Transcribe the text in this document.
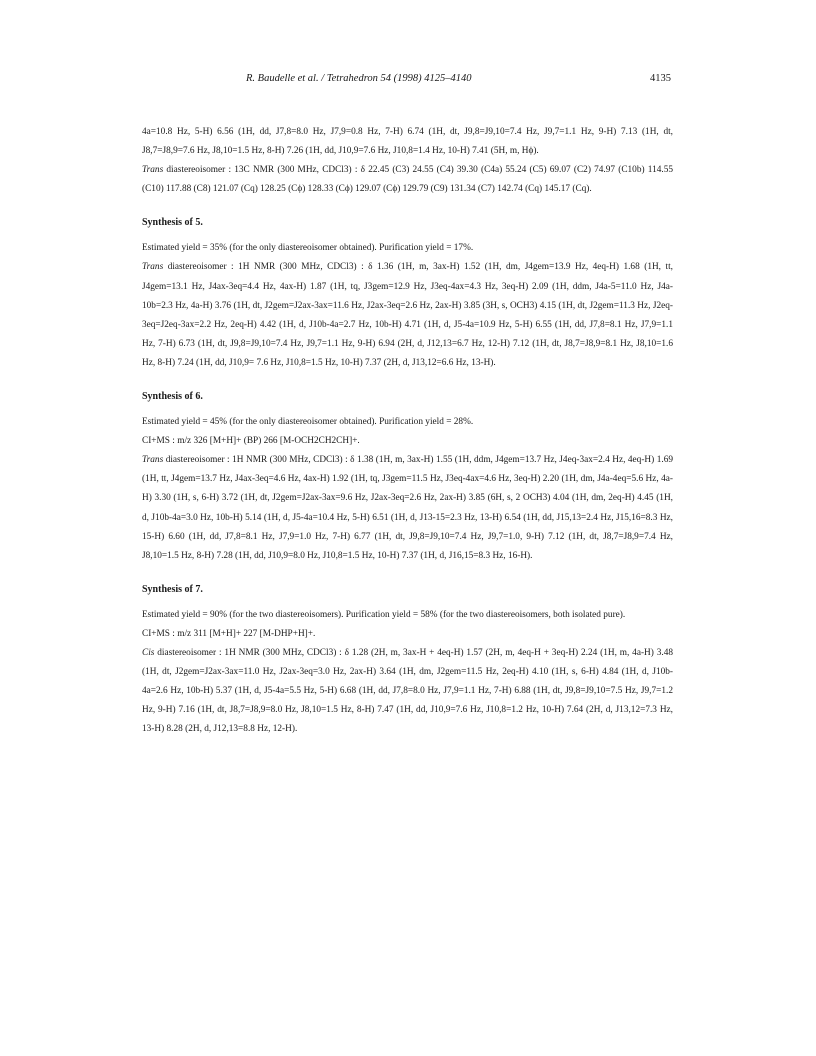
R. Baudelle et al. / Tetrahedron 54 (1998) 4125–4140	4135

4a=10.8 Hz, 5-H) 6.56 (1H, dd, J7,8=8.0 Hz, J7,9=0.8 Hz, 7-H) 6.74 (1H, dt, J9,8=J9,10=7.4 Hz, J9,7=1.1 Hz, 9-H) 7.13 (1H, dt, J8,7=J8,9=7.6 Hz, J8,10=1.5 Hz, 8-H) 7.26 (1H, dd, J10,9=7.6 Hz, J10,8=1.4 Hz, 10-H) 7.41 (5H, m, Hϕ).

Trans diastereoisomer : 13C NMR (300 MHz, CDCl3) : δ 22.45 (C3) 24.55 (C4) 39.30 (C4a) 55.24 (C5) 69.07 (C2) 74.97 (C10b) 114.55 (C10) 117.88 (C8) 121.07 (Cq) 128.25 (Cϕ) 128.33 (Cϕ) 129.07 (Cϕ) 129.79 (C9) 131.34 (C7) 142.74 (Cq) 145.17 (Cq).

Synthesis of 5.

Estimated yield = 35% (for the only diastereoisomer obtained). Purification yield = 17%.

Trans diastereoisomer : 1H NMR (300 MHz, CDCl3) : δ 1.36 (1H, m, 3ax-H) 1.52 (1H, dm, J4gem=13.9 Hz, 4eq-H) 1.68 (1H, tt, J4gem=13.1 Hz, J4ax-3eq=4.4 Hz, 4ax-H) 1.87 (1H, tq, J3gem=12.9 Hz, J3eq-4ax=4.3 Hz, 3eq-H) 2.09 (1H, ddm, J4a-5=11.0 Hz, J4a-10b=2.3 Hz, 4a-H) 3.76 (1H, dt, J2gem=J2ax-3ax=11.6 Hz, J2ax-3eq=2.6 Hz, 2ax-H) 3.85 (3H, s, OCH3) 4.15 (1H, dt, J2gem=11.3 Hz, J2eq-3eq=J2eq-3ax=2.2 Hz, 2eq-H) 4.42 (1H, d, J10b-4a=2.7 Hz, 10b-H) 4.71 (1H, d, J5-4a=10.9 Hz, 5-H) 6.55 (1H, dd, J7,8=8.1 Hz, J7,9=1.1 Hz, 7-H) 6.73 (1H, dt, J9,8=J9,10=7.4 Hz, J9,7=1.1 Hz, 9-H) 6.94 (2H, d, J12,13=6.7 Hz, 12-H) 7.12 (1H, dt, J8,7=J8,9=8.1 Hz, J8,10=1.6 Hz, 8-H) 7.24 (1H, dd, J10,9= 7.6 Hz, J10,8=1.5 Hz, 10-H) 7.37 (2H, d, J13,12=6.6 Hz, 13-H).

Synthesis of 6.

Estimated yield = 45% (for the only diastereoisomer obtained). Purification yield = 28%.

CI+MS : m/z 326 [M+H]+ (BP) 266 [M-OCH2CH2CH]+.

Trans diastereoisomer : 1H NMR (300 MHz, CDCl3) : δ 1.38 (1H, m, 3ax-H) 1.55 (1H, ddm, J4gem=13.7 Hz, J4eq-3ax=2.4 Hz, 4eq-H) 1.69 (1H, tt, J4gem=13.7 Hz, J4ax-3eq=4.6 Hz, 4ax-H) 1.92 (1H, tq, J3gem=11.5 Hz, J3eq-4ax=4.6 Hz, 3eq-H) 2.20 (1H, dm, J4a-4eq=5.6 Hz, 4a-H) 3.30 (1H, s, 6-H) 3.72 (1H, dt, J2gem=J2ax-3ax=9.6 Hz, J2ax-3eq=2.6 Hz, 2ax-H) 3.85 (6H, s, 2 OCH3) 4.04 (1H, dm, 2eq-H) 4.45 (1H, d, J10b-4a=3.0 Hz, 10b-H) 5.14 (1H, d, J5-4a=10.4 Hz, 5-H) 6.51 (1H, d, J13-15=2.3 Hz, 13-H) 6.54 (1H, dd, J15,13=2.4 Hz, J15,16=8.3 Hz, 15-H) 6.60 (1H, dd, J7,8=8.1 Hz, J7,9=1.0 Hz, 7-H) 6.77 (1H, dt, J9,8=J9,10=7.4 Hz, J9,7=1.0, 9-H) 7.12 (1H, dt, J8,7=J8,9=7.4 Hz, J8,10=1.5 Hz, 8-H) 7.28 (1H, dd, J10,9=8.0 Hz, J10,8=1.5 Hz, 10-H) 7.37 (1H, d, J16,15=8.3 Hz, 16-H).

Synthesis of 7.

Estimated yield = 90% (for the two diastereoisomers). Purification yield = 58% (for the two diastereoisomers, both isolated pure).

CI+MS : m/z 311 [M+H]+ 227 [M-DHP+H]+.

Cis diastereoisomer : 1H NMR (300 MHz, CDCl3) : δ 1.28 (2H, m, 3ax-H + 4eq-H) 1.57 (2H, m, 4eq-H + 3eq-H) 2.24 (1H, m, 4a-H) 3.48 (1H, dt, J2gem=J2ax-3ax=11.0 Hz, J2ax-3eq=3.0 Hz, 2ax-H) 3.64 (1H, dm, J2gem=11.5 Hz, 2eq-H) 4.10 (1H, s, 6-H) 4.84 (1H, d, J10b-4a=2.6 Hz, 10b-H) 5.37 (1H, d, J5-4a=5.5 Hz, 5-H) 6.68 (1H, dd, J7,8=8.0 Hz, J7,9=1.1 Hz, 7-H) 6.88 (1H, dt, J9,8=J9,10=7.5 Hz, J9,7=1.2 Hz, 9-H) 7.16 (1H, dt, J8,7=J8,9=8.0 Hz, J8,10=1.5 Hz, 8-H) 7.47 (1H, dd, J10,9=7.6 Hz, J10,8=1.2 Hz, 10-H) 7.64 (2H, d, J13,12=7.3 Hz, 13-H) 8.28 (2H, d, J12,13=8.8 Hz, 12-H).
